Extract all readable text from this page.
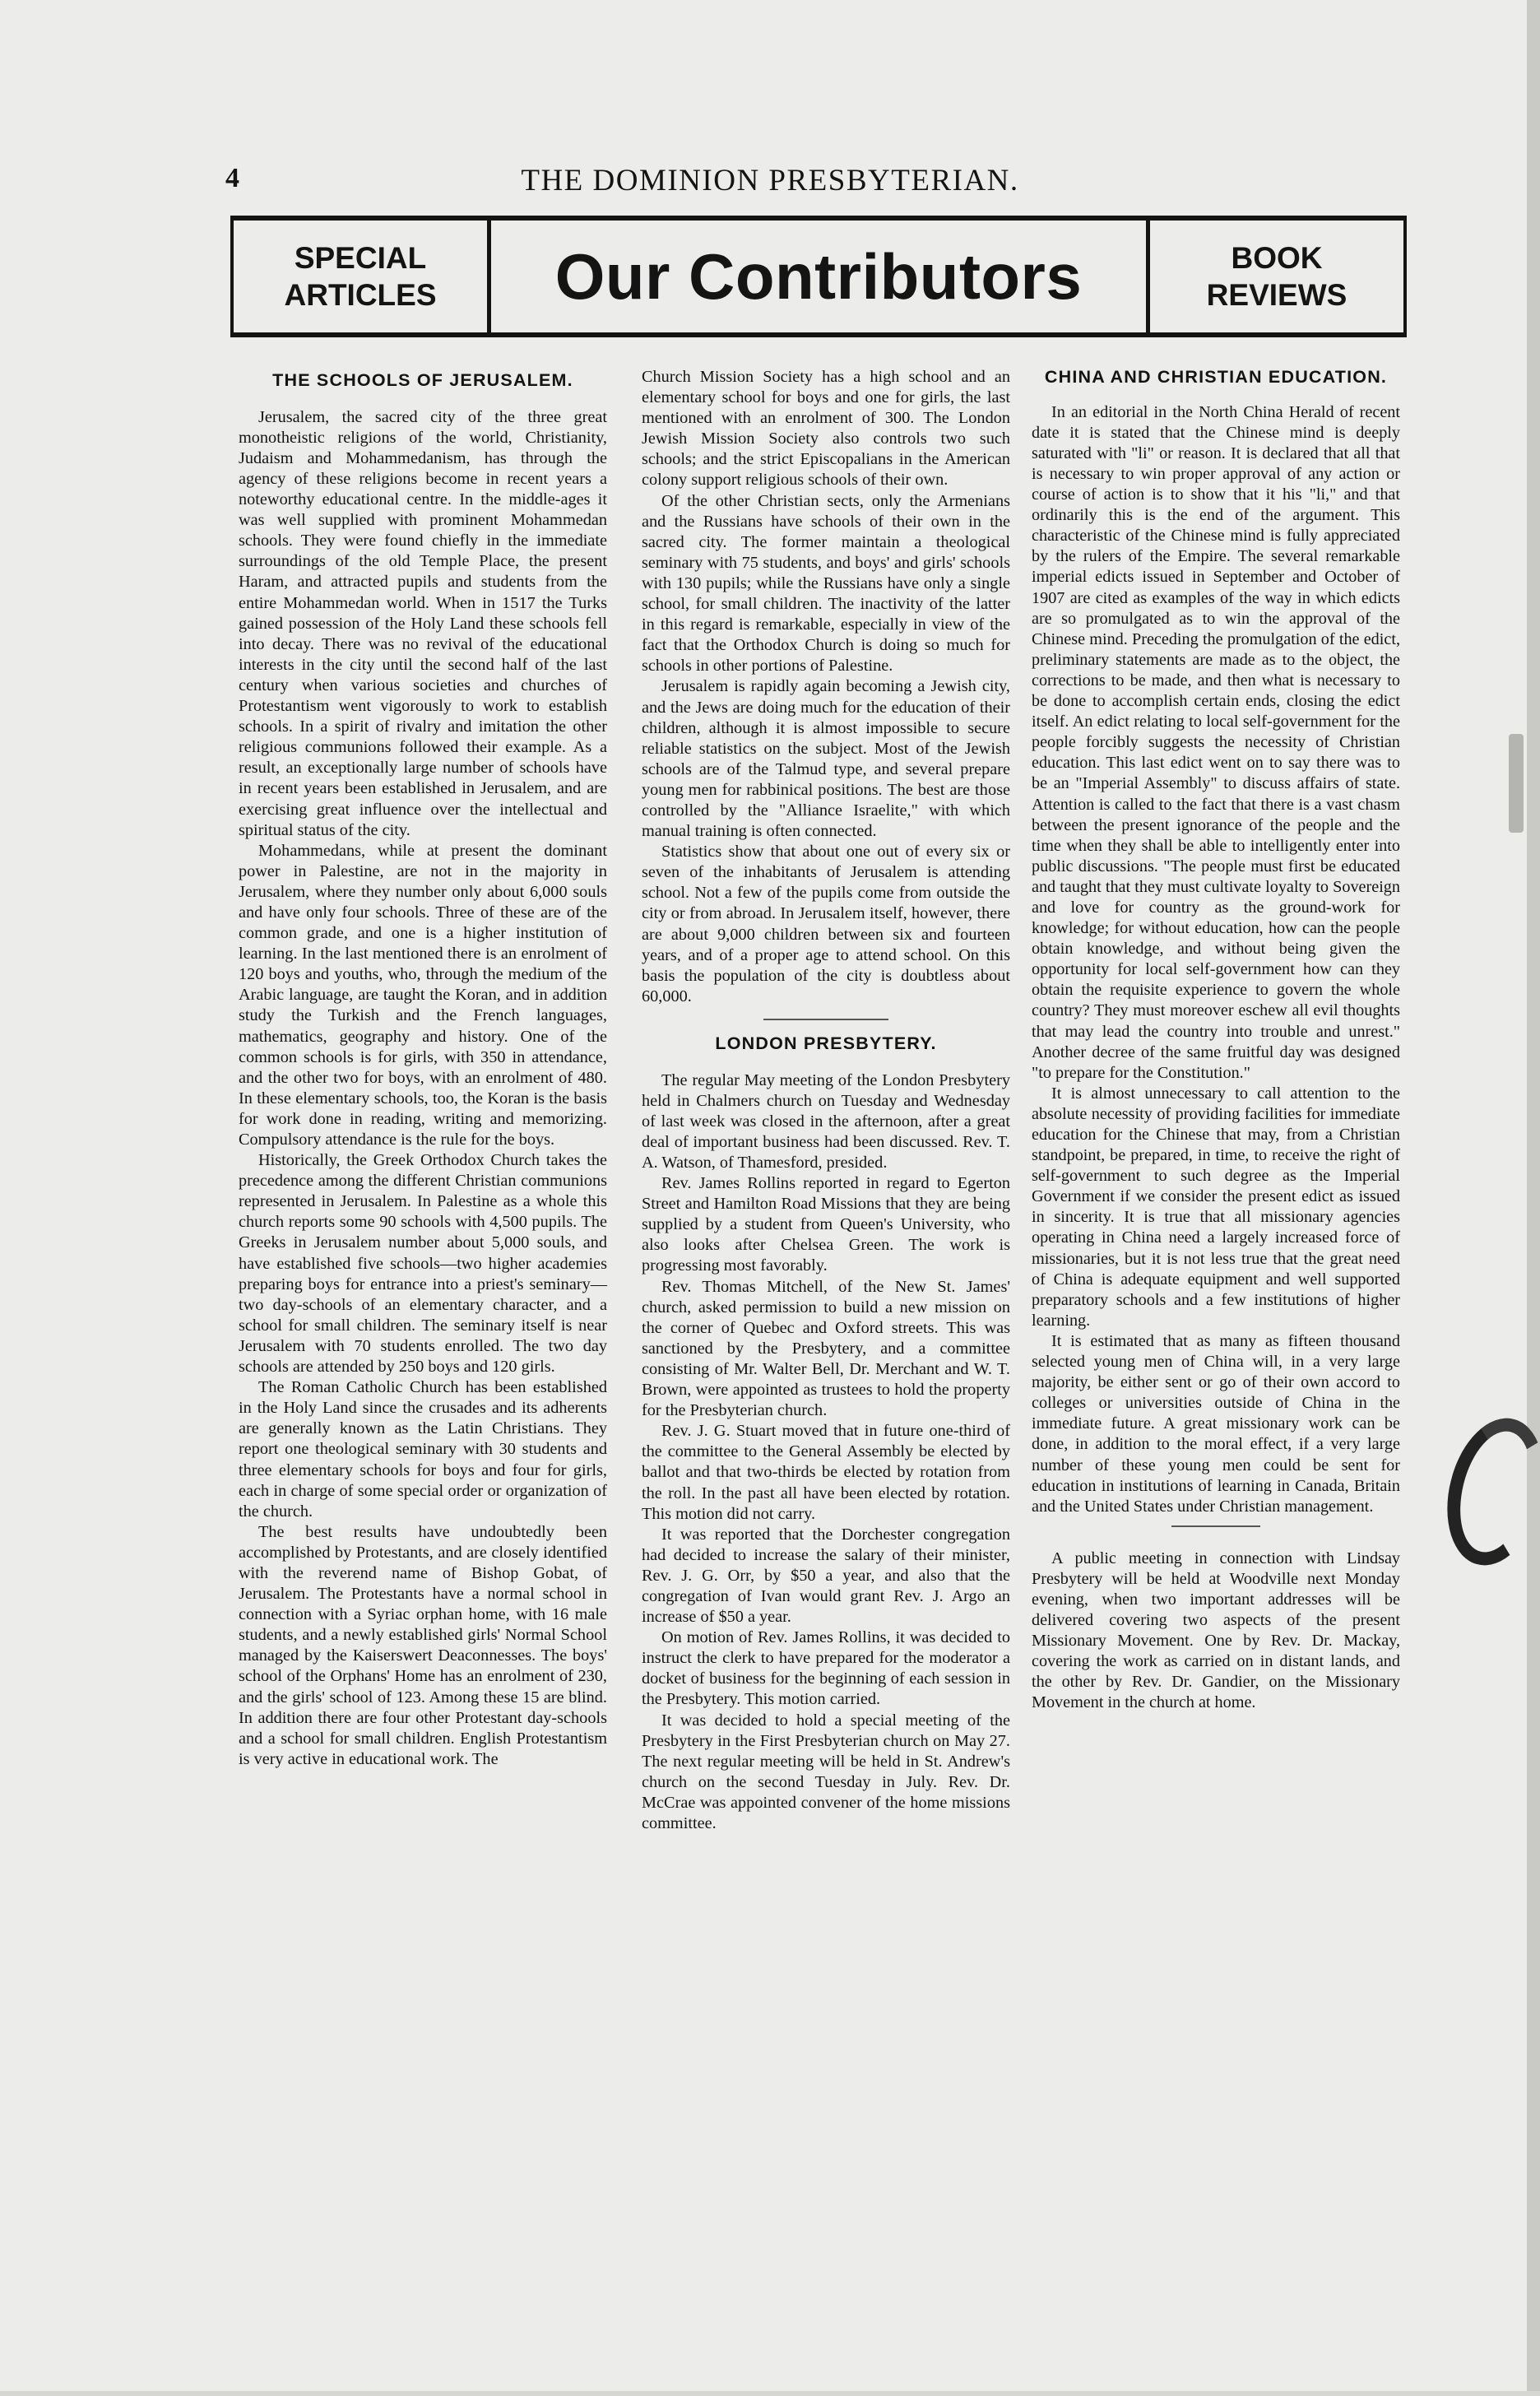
THE DOMINION PRESBYTERIAN.
4
SPECIAL
ARTICLES	Our Contributors	BOOK
REVIEWS
THE SCHOOLS OF JERUSALEM.

Jerusalem, the sacred city of the three great monotheistic religions of the world, Christianity, Judaism and Mohammedanism, has through the agency of these religions become in recent years a noteworthy educational centre. In the middle-ages it was well supplied with prominent Mohammedan schools. They were found chiefly in the immediate surroundings of the old Temple Place, the present Haram, and attracted pupils and students from the entire Mohammedan world. When in 1517 the Turks gained possession of the Holy Land these schools fell into decay. There was no revival of the educational interests in the city until the second half of the last century when various societies and churches of Protestantism went vigorously to work to establish schools. In a spirit of rivalry and imitation the other religious communions followed their example. As a result, an exceptionally large number of schools have in recent years been established in Jerusalem, and are exercising great influence over the intellectual and spiritual status of the city.

Mohammedans, while at present the dominant power in Palestine, are not in the majority in Jerusalem, where they number only about 6,000 souls and have only four schools. Three of these are of the common grade, and one is a higher institution of learning. In the last mentioned there is an enrolment of 120 boys and youths, who, through the medium of the Arabic language, are taught the Koran, and in addition study the Turkish and the French languages, mathematics, geography and history. One of the common schools is for girls, with 350 in attendance, and the other two for boys, with an enrolment of 480. In these elementary schools, too, the Koran is the basis for work done in reading, writing and memorizing. Compulsory attendance is the rule for the boys.

Historically, the Greek Orthodox Church takes the precedence among the different Christian communions represented in Jerusalem. In Palestine as a whole this church reports some 90 schools with 4,500 pupils. The Greeks in Jerusalem number about 5,000 souls, and have established five schools—two higher academies preparing boys for entrance into a priest's seminary—two day-schools of an elementary character, and a school for small children. The seminary itself is near Jerusalem with 70 students enrolled. The two day schools are attended by 250 boys and 120 girls.

The Roman Catholic Church has been established in the Holy Land since the crusades and its adherents are generally known as the Latin Christians. They report one theological seminary with 30 students and three elementary schools for boys and four for girls, each in charge of some special order or organization of the church.

The best results have undoubtedly been accomplished by Protestants, and are closely identified with the reverend name of Bishop Gobat, of Jerusalem. The Protestants have a normal school in connection with a Syriac orphan home, with 16 male students, and a newly established girls' Normal School managed by the Kaiserswert Deaconnesses. The boys' school of the Orphans' Home has an enrolment of 230, and the girls' school of 123. Among these 15 are blind. In addition there are four other Protestant day-schools and a school for small children. English Protestantism is very active in educational work. The

Church Mission Society has a high school and an elementary school for boys and one for girls, the last mentioned with an enrolment of 300. The London Jewish Mission Society also controls two such schools; and the strict Episcopalians in the American colony support religious schools of their own.

Of the other Christian sects, only the Armenians and the Russians have schools of their own in the sacred city. The former maintain a theological seminary with 75 students, and boys' and girls' schools with 130 pupils; while the Russians have only a single school, for small children. The inactivity of the latter in this regard is remarkable, especially in view of the fact that the Orthodox Church is doing so much for schools in other portions of Palestine.

Jerusalem is rapidly again becoming a Jewish city, and the Jews are doing much for the education of their children, although it is almost impossible to secure reliable statistics on the subject. Most of the Jewish schools are of the Talmud type, and several prepare young men for rabbinical positions. The best are those controlled by the "Alliance Israelite," with which manual training is often connected.

Statistics show that about one out of every six or seven of the inhabitants of Jerusalem is attending school. Not a few of the pupils come from outside the city or from abroad. In Jerusalem itself, however, there are about 9,000 children between six and fourteen years, and of a proper age to attend school. On this basis the population of the city is doubtless about 60,000.

LONDON PRESBYTERY.

The regular May meeting of the London Presbytery held in Chalmers church on Tuesday and Wednesday of last week was closed in the afternoon, after a great deal of important business had been discussed. Rev. T. A. Watson, of Thamesford, presided.

Rev. James Rollins reported in regard to Egerton Street and Hamilton Road Missions that they are being supplied by a student from Queen's University, who also looks after Chelsea Green. The work is progressing most favorably.

Rev. Thomas Mitchell, of the New St. James' church, asked permission to build a new mission on the corner of Quebec and Oxford streets. This was sanctioned by the Presbytery, and a committee consisting of Mr. Walter Bell, Dr. Merchant and W. T. Brown, were appointed as trustees to hold the property for the Presbyterian church.

Rev. J. G. Stuart moved that in future one-third of the committee to the General Assembly be elected by ballot and that two-thirds be elected by rotation from the roll. In the past all have been elected by rotation. This motion did not carry.

It was reported that the Dorchester congregation had decided to increase the salary of their minister, Rev. J. G. Orr, by $50 a year, and also that the congregation of Ivan would grant Rev. J. Argo an increase of $50 a year.

On motion of Rev. James Rollins, it was decided to instruct the clerk to have prepared for the moderator a docket of business for the beginning of each session in the Presbytery. This motion carried.

It was decided to hold a special meeting of the Presbytery in the First Presbyterian church on May 27. The next regular meeting will be held in St. Andrew's church on the second Tuesday in July. Rev. Dr. McCrae was appointed convener of the home missions committee.

CHINA AND CHRISTIAN EDUCATION.

In an editorial in the North China Herald of recent date it is stated that the Chinese mind is deeply saturated with "li" or reason. It is declared that all that is necessary to win proper approval of any action or course of action is to show that it his "li," and that ordinarily this is the end of the argument. This characteristic of the Chinese mind is fully appreciated by the rulers of the Empire. The several remarkable imperial edicts issued in September and October of 1907 are cited as examples of the way in which edicts are so promulgated as to win the approval of the Chinese mind. Preceding the promulgation of the edict, preliminary statements are made as to the object, the corrections to be made, and then what is necessary to be done to accomplish certain ends, closing the edict itself. An edict relating to local self-government for the people forcibly suggests the necessity of Christian education. This last edict went on to say there was to be an "Imperial Assembly" to discuss affairs of state. Attention is called to the fact that there is a vast chasm between the present ignorance of the people and the time when they shall be able to intelligently enter into public discussions. "The people must first be educated and taught that they must cultivate loyalty to Sovereign and love for country as the ground-work for knowledge; for without education, how can the people obtain knowledge, and without being given the opportunity for local self-government how can they obtain the requisite experience to govern the whole country? They must moreover eschew all evil thoughts that may lead the country into trouble and unrest." Another decree of the same fruitful day was designed "to prepare for the Constitution."

It is almost unnecessary to call attention to the absolute necessity of providing facilities for immediate education for the Chinese that may, from a Christian standpoint, be prepared, in time, to receive the right of self-government to such degree as the Imperial Government if we consider the present edict as issued in sincerity. It is true that all missionary agencies operating in China need a largely increased force of missionaries, but it is not less true that the great need of China is adequate equipment and well supported preparatory schools and a few institutions of higher learning.

It is estimated that as many as fifteen thousand selected young men of China will, in a very large majority, be either sent or go of their own accord to colleges or universities outside of China in the immediate future. A great missionary work can be done, in addition to the moral effect, if a very large number of these young men could be sent for education in institutions of learning in Canada, Britain and the United States under Christian management.

A public meeting in connection with Lindsay Presbytery will be held at Woodville next Monday evening, when two important addresses will be delivered covering two aspects of the present Missionary Movement. One by Rev. Dr. Mackay, covering the work as carried on in distant lands, and the other by Rev. Dr. Gandier, on the Missionary Movement in the church at home.
